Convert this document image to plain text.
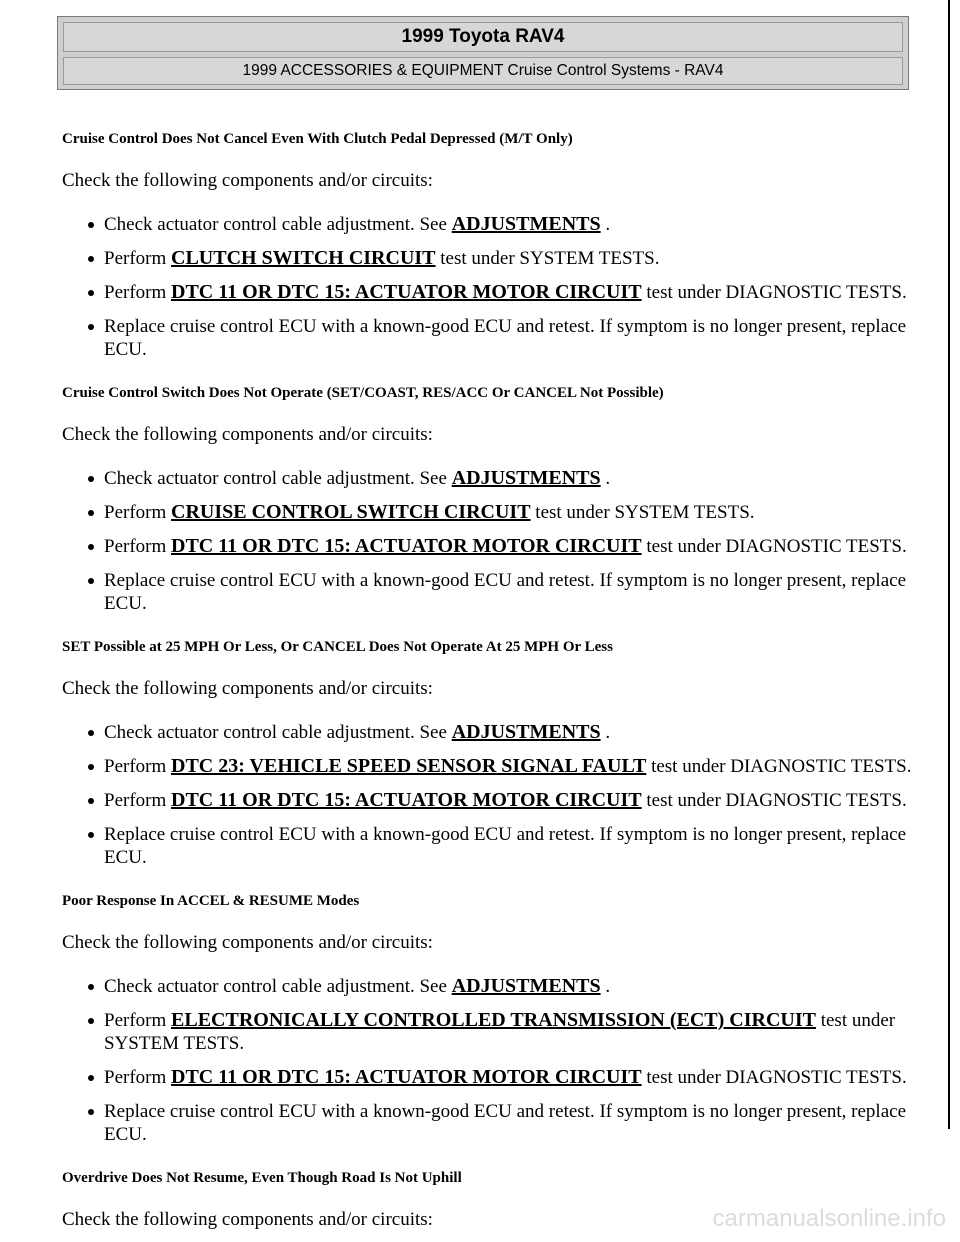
1999 Toyota RAV4
1999 ACCESSORIES & EQUIPMENT Cruise Control Systems - RAV4

Cruise Control Does Not Cancel Even With Clutch Pedal Depressed (M/T Only)

Check the following components and/or circuits:

Check actuator control cable adjustment. See ADJUSTMENTS .
Perform CLUTCH SWITCH CIRCUIT test under SYSTEM TESTS.
Perform DTC 11 OR DTC 15: ACTUATOR MOTOR CIRCUIT test under DIAGNOSTIC TESTS.
Replace cruise control ECU with a known-good ECU and retest. If symptom is no longer present, replace ECU.

Cruise Control Switch Does Not Operate (SET/COAST, RES/ACC Or CANCEL Not Possible)

Check the following components and/or circuits:

Check actuator control cable adjustment. See ADJUSTMENTS .
Perform CRUISE CONTROL SWITCH CIRCUIT test under SYSTEM TESTS.
Perform DTC 11 OR DTC 15: ACTUATOR MOTOR CIRCUIT test under DIAGNOSTIC TESTS.
Replace cruise control ECU with a known-good ECU and retest. If symptom is no longer present, replace ECU.

SET Possible at 25 MPH Or Less, Or CANCEL Does Not Operate At 25 MPH Or Less

Check the following components and/or circuits:

Check actuator control cable adjustment. See ADJUSTMENTS .
Perform DTC 23: VEHICLE SPEED SENSOR SIGNAL FAULT test under DIAGNOSTIC TESTS.
Perform DTC 11 OR DTC 15: ACTUATOR MOTOR CIRCUIT test under DIAGNOSTIC TESTS.
Replace cruise control ECU with a known-good ECU and retest. If symptom is no longer present, replace ECU.

Poor Response In ACCEL & RESUME Modes

Check the following components and/or circuits:

Check actuator control cable adjustment. See ADJUSTMENTS .
Perform ELECTRONICALLY CONTROLLED TRANSMISSION (ECT) CIRCUIT test under SYSTEM TESTS.
Perform DTC 11 OR DTC 15: ACTUATOR MOTOR CIRCUIT test under DIAGNOSTIC TESTS.
Replace cruise control ECU with a known-good ECU and retest. If symptom is no longer present, replace ECU.

Overdrive Does Not Resume, Even Though Road Is Not Uphill

Check the following components and/or circuits:	carmanualsonline.info
